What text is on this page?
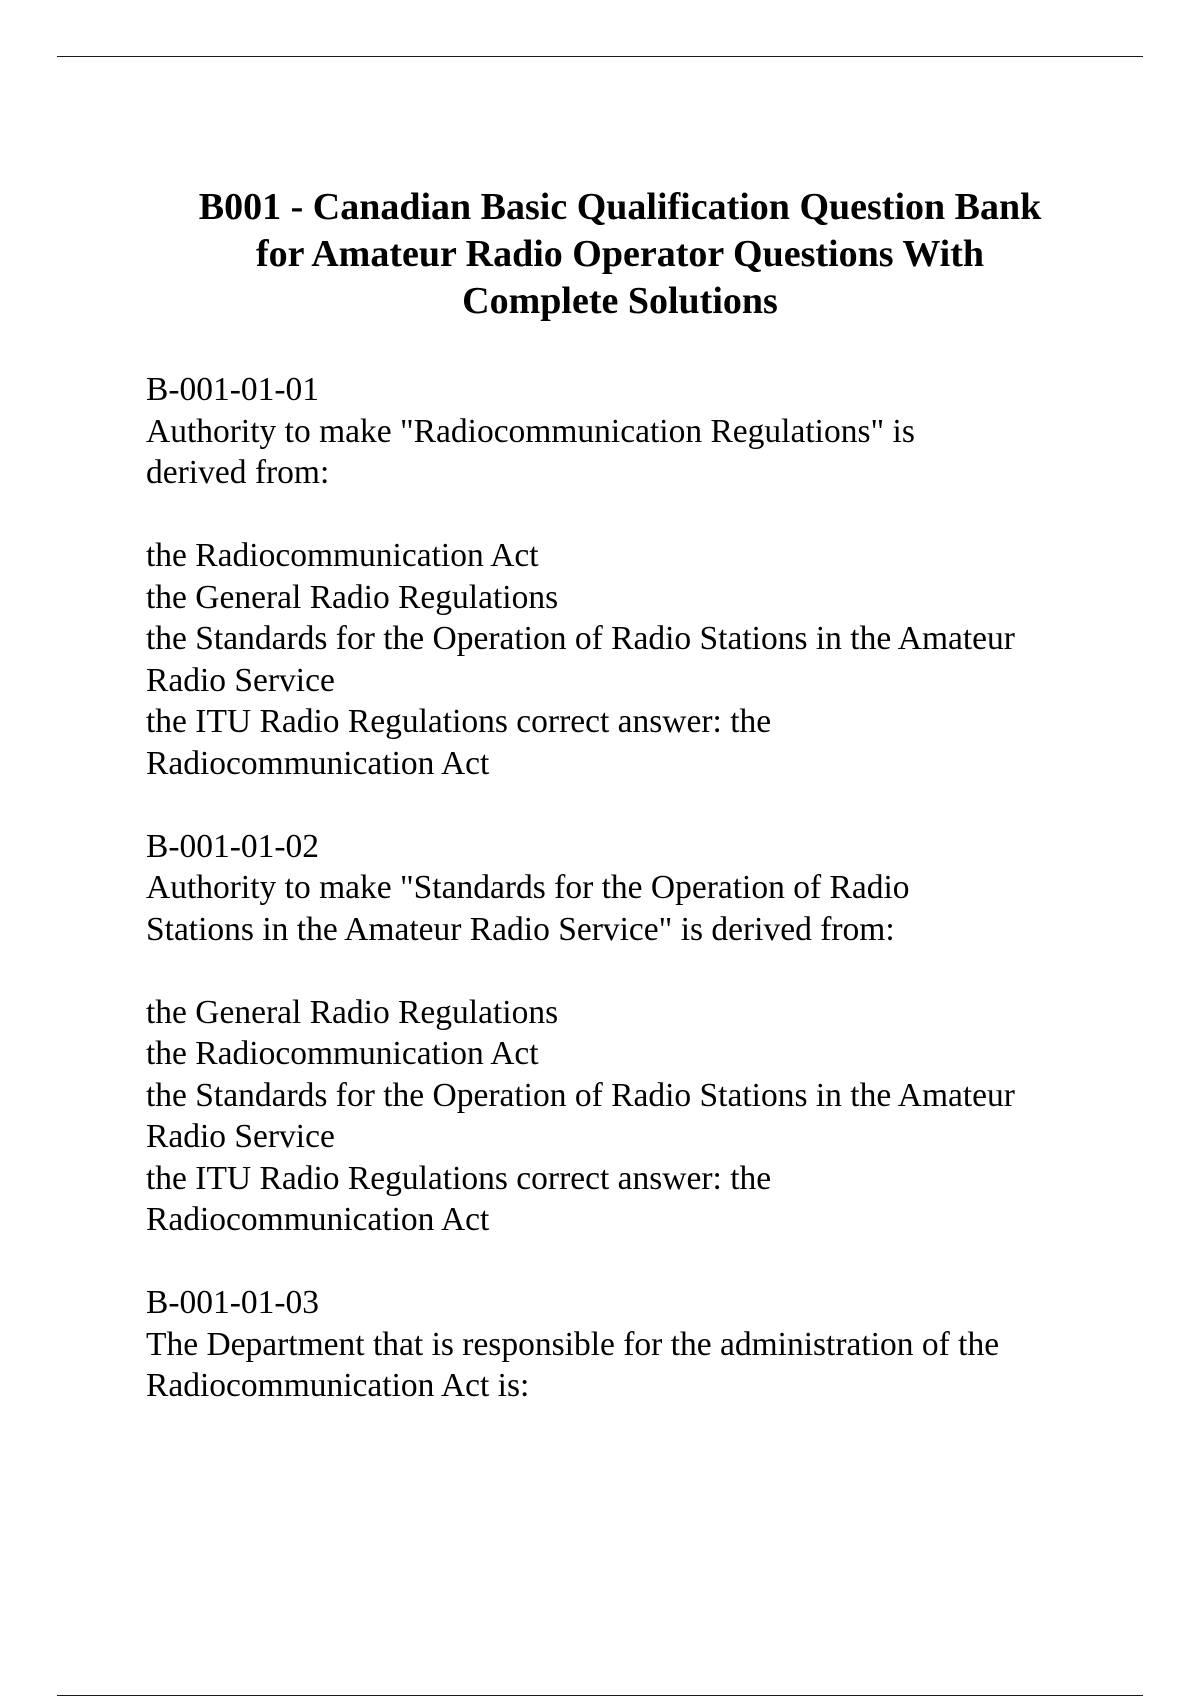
B001 - Canadian Basic Qualification Question Bank
for Amateur Radio Operator Questions With
Complete Solutions
B-001-01-01
Authority to make "Radiocommunication Regulations" is
derived from:
the Radiocommunication Act
the General Radio Regulations
the Standards for the Operation of Radio Stations in the Amateur
Radio Service
the ITU Radio Regulations correct answer: the
Radiocommunication Act
B-001-01-02
Authority to make "Standards for the Operation of Radio
Stations in the Amateur Radio Service" is derived from:
the General Radio Regulations
the Radiocommunication Act
the Standards for the Operation of Radio Stations in the Amateur
Radio Service
the ITU Radio Regulations correct answer: the
Radiocommunication Act
B-001-01-03
The Department that is responsible for the administration of the
Radiocommunication Act is:
